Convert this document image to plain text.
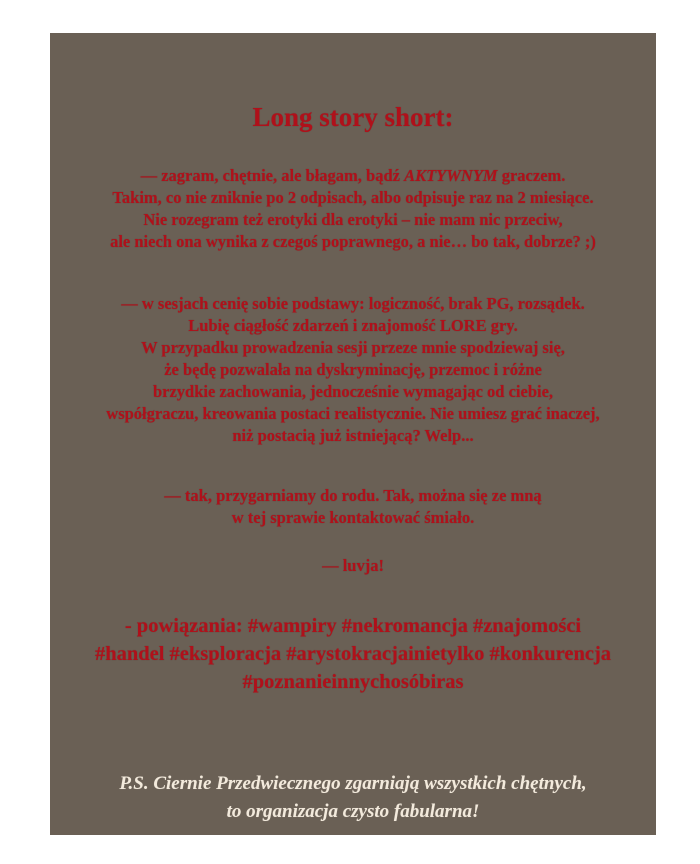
Long story short:
— zagram, chętnie, ale błagam, bądź AKTYWNYM graczem.
Takim, co nie zniknie po 2 odpisach, albo odpisuje raz na 2 miesiące.
Nie rozegram też erotyki dla erotyki – nie mam nic przeciw,
ale niech ona wynika z czegoś poprawnego, a nie… bo tak, dobrze? ;)
— w sesjach cenię sobie podstawy: logiczność, brak PG, rozsądek.
Lubię ciągłość zdarzeń i znajomość LORE gry.
W przypadku prowadzenia sesji przeze mnie spodziewaj się,
że będę pozwalała na dyskryminację, przemoc i różne
brzydkie zachowania, jednocześnie wymagając od ciebie,
współgraczu, kreowania postaci realistycznie. Nie umiesz grać inaczej,
niż postacią już istniejącą? Welp...
— tak, przygarniamy do rodu. Tak, można się ze mną
w tej sprawie kontaktować śmiało.
— luvja!
- powiązania: #wampiry #nekromancja #znajomości
#handel #eksploracja #arystokracjainietylko #konkurencja
#poznanieinnychosóbiras
P.S. Ciernie Przedwiecznego zgarniają wszystkich chętnych,
to organizacja czysto fabularna!
